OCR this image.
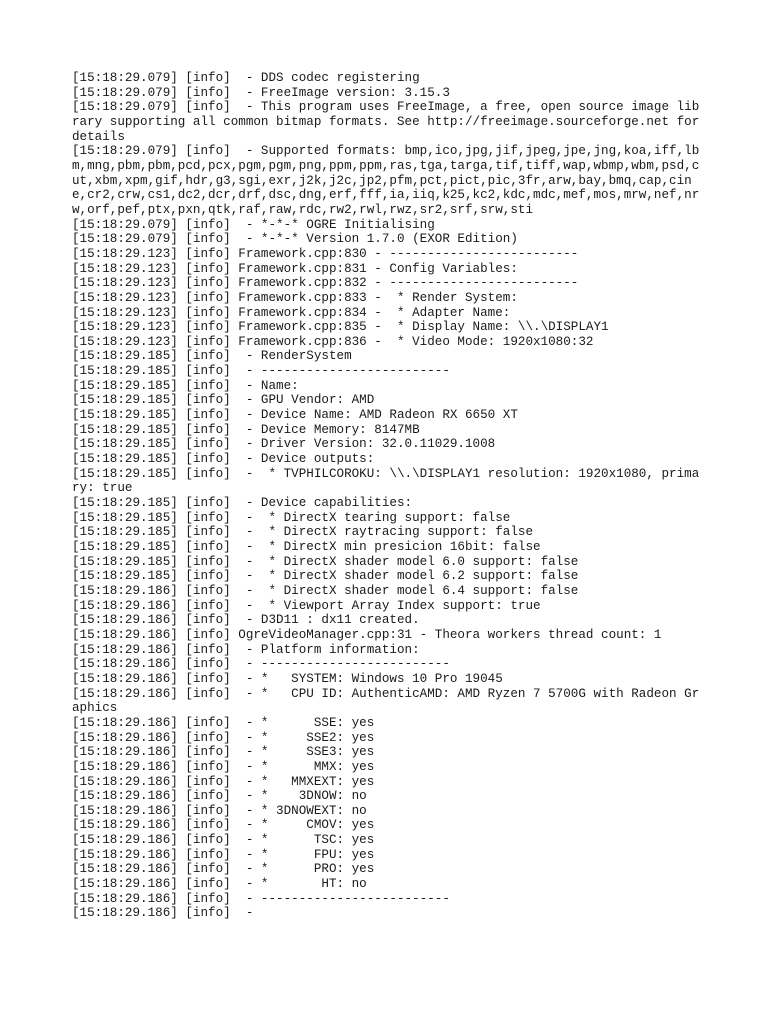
[15:18:29.079] [info]  - DDS codec registering
[15:18:29.079] [info]  - FreeImage version: 3.15.3
[15:18:29.079] [info]  - This program uses FreeImage, a free, open source image library supporting all common bitmap formats. See http://freeimage.sourceforge.net for details
[15:18:29.079] [info]  - Supported formats: bmp,ico,jpg,jif,jpeg,jpe,jng,koa,iff,lbm,mng,pbm,pbm,pcd,pcx,pgm,pgm,png,ppm,ppm,ras,tga,targa,tif,tiff,wap,wbmp,wbm,psd,cut,xbm,xpm,gif,hdr,g3,sgi,exr,j2k,j2c,jp2,pfm,pct,pict,pic,3fr,arw,bay,bmq,cap,cine,cr2,crw,cs1,dc2,dcr,drf,dsc,dng,erf,fff,ia,iiq,k25,kc2,kdc,mdc,mef,mos,mrw,nef,nrw,orf,pef,ptx,pxn,qtk,raf,raw,rdc,rw2,rwl,rwz,sr2,srf,srw,sti
[15:18:29.079] [info]  - *-*-* OGRE Initialising
[15:18:29.079] [info]  - *-*-* Version 1.7.0 (EXOR Edition)
[15:18:29.123] [info] Framework.cpp:830 - -------------------------
[15:18:29.123] [info] Framework.cpp:831 - Config Variables:
[15:18:29.123] [info] Framework.cpp:832 - -------------------------
[15:18:29.123] [info] Framework.cpp:833 -  * Render System:
[15:18:29.123] [info] Framework.cpp:834 -  * Adapter Name:
[15:18:29.123] [info] Framework.cpp:835 -  * Display Name: \\.\DISPLAY1
[15:18:29.123] [info] Framework.cpp:836 -  * Video Mode: 1920x1080:32
[15:18:29.185] [info]  - RenderSystem
[15:18:29.185] [info]  - -------------------------
[15:18:29.185] [info]  - Name:
[15:18:29.185] [info]  - GPU Vendor: AMD
[15:18:29.185] [info]  - Device Name: AMD Radeon RX 6650 XT
[15:18:29.185] [info]  - Device Memory: 8147MB
[15:18:29.185] [info]  - Driver Version: 32.0.11029.1008
[15:18:29.185] [info]  - Device outputs:
[15:18:29.185] [info]  -  * TVPHILCOROKU: \\.\DISPLAY1 resolution: 1920x1080, primary: true
[15:18:29.185] [info]  - Device capabilities:
[15:18:29.185] [info]  -  * DirectX tearing support: false
[15:18:29.185] [info]  -  * DirectX raytracing support: false
[15:18:29.185] [info]  -  * DirectX min presicion 16bit: false
[15:18:29.185] [info]  -  * DirectX shader model 6.0 support: false
[15:18:29.185] [info]  -  * DirectX shader model 6.2 support: false
[15:18:29.186] [info]  -  * DirectX shader model 6.4 support: false
[15:18:29.186] [info]  -  * Viewport Array Index support: true
[15:18:29.186] [info]  - D3D11 : dx11 created.
[15:18:29.186] [info] OgreVideoManager.cpp:31 - Theora workers thread count: 1
[15:18:29.186] [info]  - Platform information:
[15:18:29.186] [info]  - -------------------------
[15:18:29.186] [info]  - *   SYSTEM: Windows 10 Pro 19045
[15:18:29.186] [info]  - *   CPU ID: AuthenticAMD: AMD Ryzen 7 5700G with Radeon Graphics
[15:18:29.186] [info]  - *      SSE: yes
[15:18:29.186] [info]  - *     SSE2: yes
[15:18:29.186] [info]  - *     SSE3: yes
[15:18:29.186] [info]  - *      MMX: yes
[15:18:29.186] [info]  - *   MMXEXT: yes
[15:18:29.186] [info]  - *    3DNOW: no
[15:18:29.186] [info]  - * 3DNOWEXT: no
[15:18:29.186] [info]  - *     CMOV: yes
[15:18:29.186] [info]  - *      TSC: yes
[15:18:29.186] [info]  - *      FPU: yes
[15:18:29.186] [info]  - *      PRO: yes
[15:18:29.186] [info]  - *       HT: no
[15:18:29.186] [info]  - -------------------------
[15:18:29.186] [info]  -
